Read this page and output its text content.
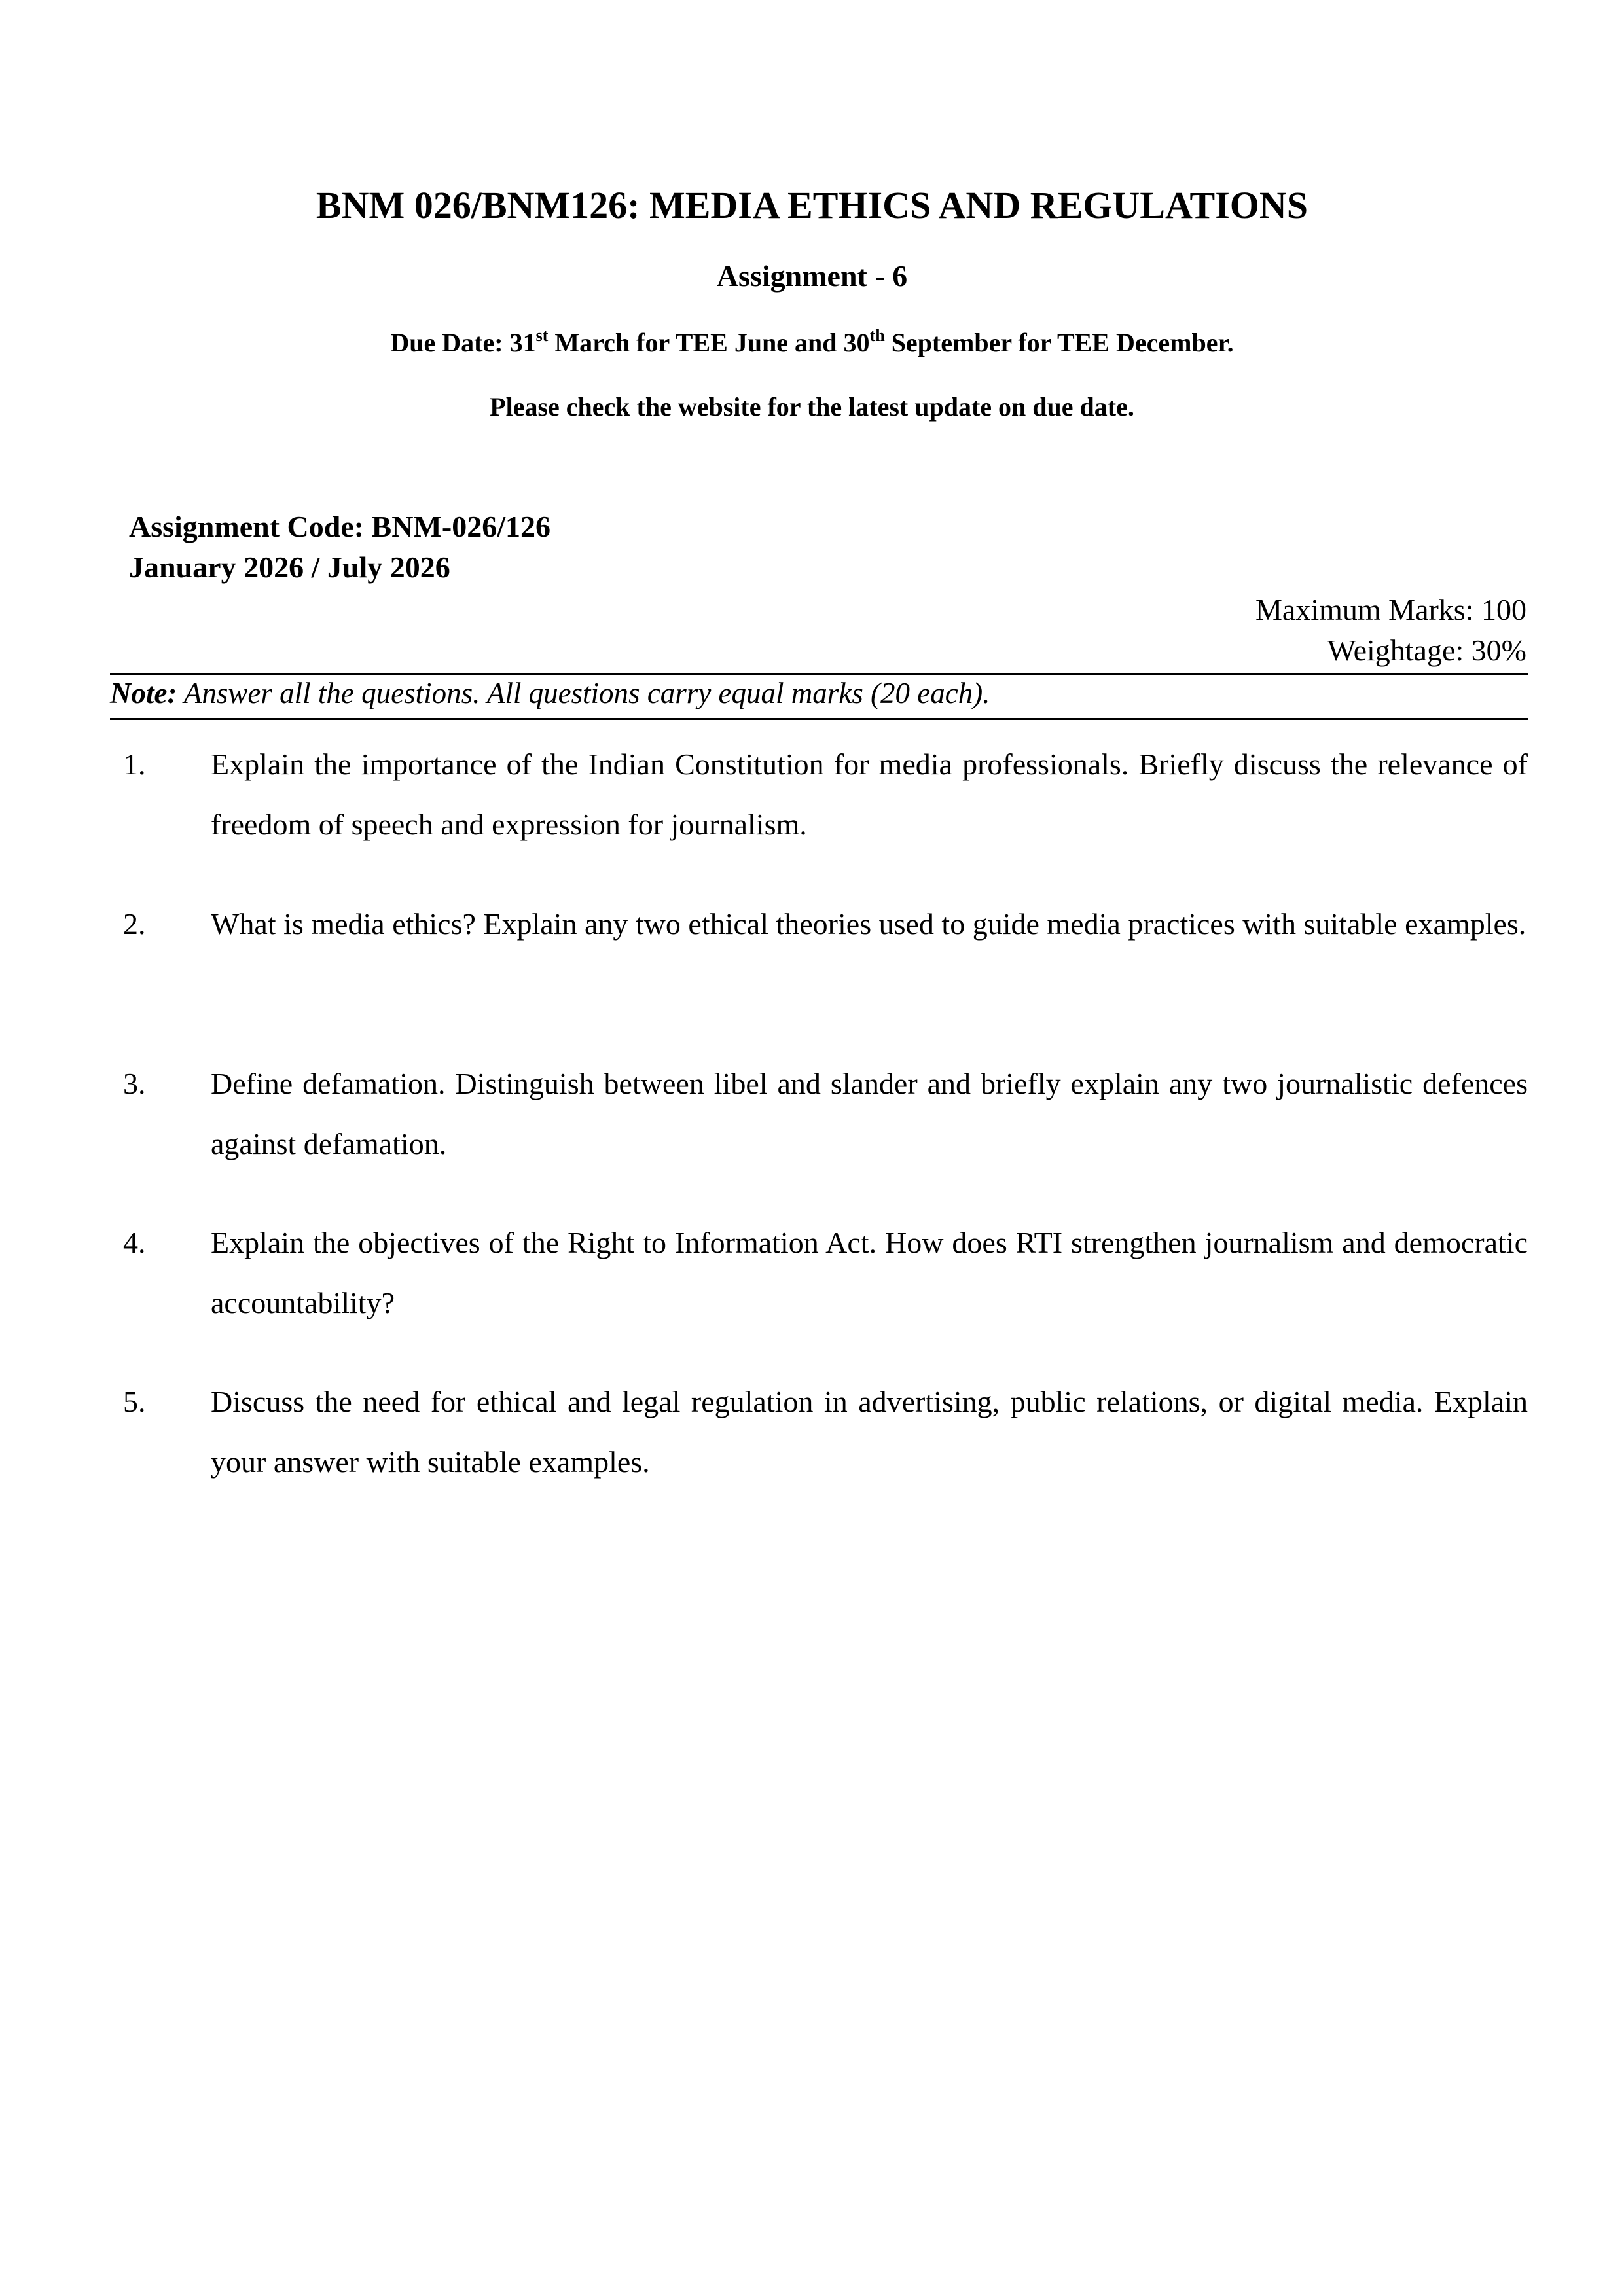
BNM 026/BNM126: MEDIA ETHICS AND REGULATIONS
Assignment - 6
Due Date: 31st March for TEE June and 30th September for TEE December.
Please check the website for the latest update on due date.
Assignment Code: BNM-026/126
January 2026 / July 2026
Maximum Marks: 100
Weightage: 30%
Note: Answer all the questions. All questions carry equal marks (20 each).
1. Explain the importance of the Indian Constitution for media professionals. Briefly discuss the relevance of freedom of speech and expression for journalism.
2. What is media ethics? Explain any two ethical theories used to guide media practices with suitable examples.
3. Define defamation. Distinguish between libel and slander and briefly explain any two journalistic defences against defamation.
4. Explain the objectives of the Right to Information Act. How does RTI strengthen journalism and democratic accountability?
5. Discuss the need for ethical and legal regulation in advertising, public relations, or digital media. Explain your answer with suitable examples.
